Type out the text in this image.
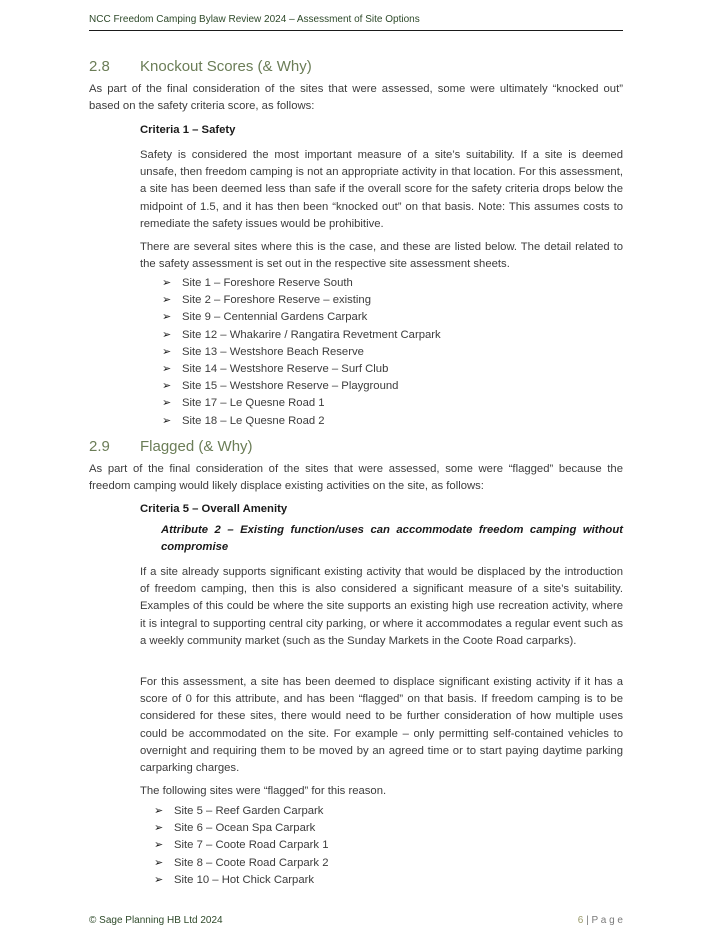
NCC Freedom Camping Bylaw Review 2024 – Assessment of Site Options
2.8 Knockout Scores (& Why)

As part of the final consideration of the sites that were assessed, some were ultimately “knocked out” based on the safety criteria score, as follows:

Criteria 1 – Safety

Safety is considered the most important measure of a site’s suitability. If a site is deemed unsafe, then freedom camping is not an appropriate activity in that location. For this assessment, a site has been deemed less than safe if the overall score for the safety criteria drops below the midpoint of 1.5, and it has then been “knocked out” on that basis. Note: This assumes costs to remediate the safety issues would be prohibitive.

There are several sites where this is the case, and these are listed below. The detail related to the safety assessment is set out in the respective site assessment sheets.

➢ Site 1 – Foreshore Reserve South
➢ Site 2 – Foreshore Reserve – existing
➢ Site 9 – Centennial Gardens Carpark
➢ Site 12 – Whakarire / Rangatira Revetment Carpark
➢ Site 13 – Westshore Beach Reserve
➢ Site 14 – Westshore Reserve – Surf Club
➢ Site 15 – Westshore Reserve – Playground
➢ Site 17 – Le Quesne Road 1
➢ Site 18 – Le Quesne Road 2
2.9 Flagged (& Why)

As part of the final consideration of the sites that were assessed, some were “flagged” because the freedom camping would likely displace existing activities on the site, as follows:

Criteria 5 – Overall Amenity

Attribute 2 – Existing function/uses can accommodate freedom camping without compromise

If a site already supports significant existing activity that would be displaced by the introduction of freedom camping, then this is also considered a significant measure of a site’s suitability. Examples of this could be where the site supports an existing high use recreation activity, where it is integral to supporting central city parking, or where it accommodates a regular event such as a weekly community market (such as the Sunday Markets in the Coote Road carparks).

For this assessment, a site has been deemed to displace significant existing activity if it has a score of 0 for this attribute, and has been “flagged” on that basis. If freedom camping is to be considered for these sites, there would need to be further consideration of how multiple uses could be accommodated on the site. For example – only permitting self-contained vehicles to overnight and requiring them to be moved by an agreed time or to start paying daytime parking carparking charges.

The following sites were “flagged” for this reason.

➢ Site 5 – Reef Garden Carpark
➢ Site 6 – Ocean Spa Carpark
➢ Site 7 – Coote Road Carpark 1
➢ Site 8 – Coote Road Carpark 2
➢ Site 10 – Hot Chick Carpark
© Sage Planning HB Ltd 2024	6 | P a g e
